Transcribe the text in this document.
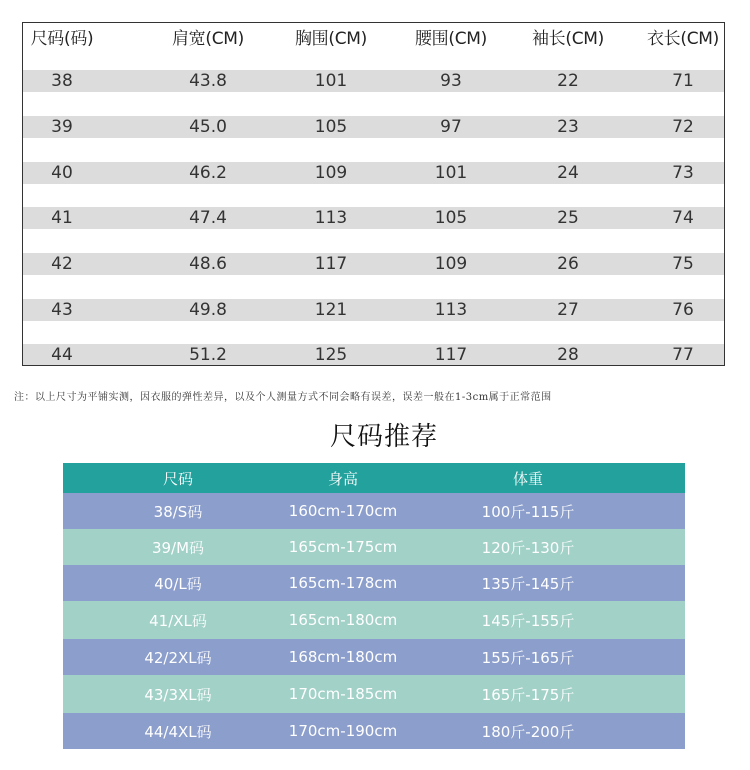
尺码(码)	肩宽(CM)	胸围(CM)	腰围(CM)	袖长(CM)	衣长(CM)
38	43.8	101	93	22	71
39	45.0	105	97	23	72
40	46.2	109	101	24	73
41	47.4	113	105	25	74
42	48.6	117	109	26	75
43	49.8	121	113	27	76
44	51.2	125	117	28	77
注：以上尺寸为平铺实测，因衣服的弹性差异，以及个人测量方式不同会略有误差，误差一般在1-3cm属于正常范围
尺码推荐
尺码	身高	体重
38/S码	160cm-170cm	100斤-115斤
39/M码	165cm-175cm	120斤-130斤
40/L码	165cm-178cm	135斤-145斤
41/XL码	165cm-180cm	145斤-155斤
42/2XL码	168cm-180cm	155斤-165斤
43/3XL码	170cm-185cm	165斤-175斤
44/4XL码	170cm-190cm	180斤-200斤
